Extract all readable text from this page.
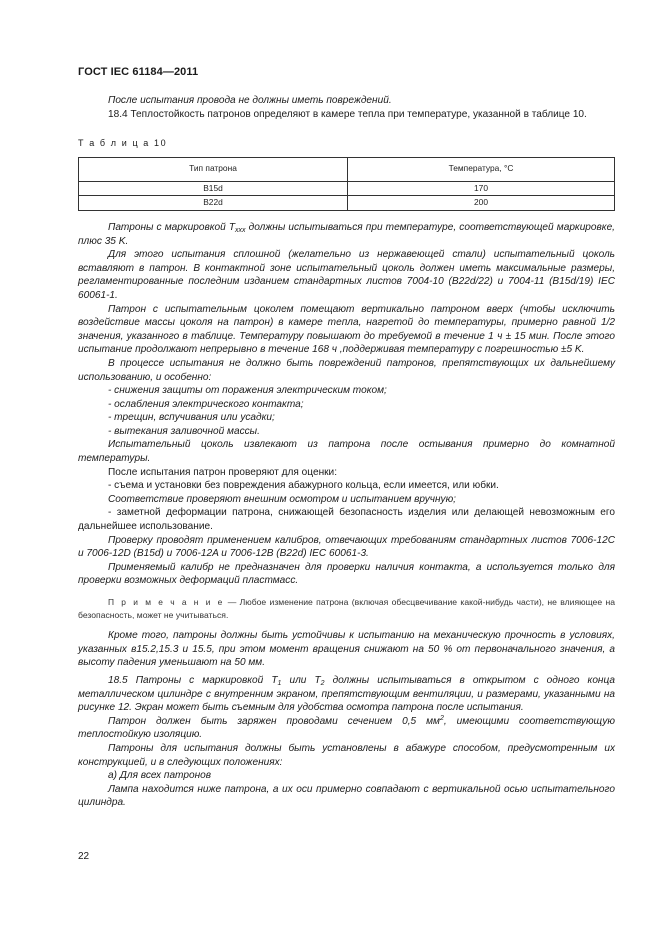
ГОСТ IEC 61184—2011

После испытания провода не должны иметь повреждений.

18.4 Теплостойкость патронов определяют в камере тепла при температуре, указанной в таблице 10.

Т а б л и ц а 10
Тип патрона	Температура, °C
B15d	170
B22d	200

Патроны с маркировкой $T_{xxx}$ должны испытываться при температуре, соответствующей маркировке, плюс 35 K.

Для этого испытания сплошной (желательно из нержавеющей стали) испытательный цоколь вставляют в патрон. В контактной зоне испытательный цоколь должен иметь максимальные размеры, регламентированные последним изданием стандартных листов 7004-10 (B22d/22) и 7004-11 (B15d/19) IEC 60061-1.

Патрон с испытательным цоколем помещают вертикально патроном вверх (чтобы исключить воздействие массы цоколя на патрон) в камере тепла, нагретой до температуры, примерно равной 1/2 значения, указанного в таблице. Температуру повышают до требуемой в течение 1 ч ± 15 мин. После этого испытание продолжают непрерывно в течение 168 ч ,поддерживая температуру с погрешностью ±5 K.

В процессе испытания не должно быть повреждений патронов, препятствующих их дальнейшему использованию, и особенно:

- снижения защиты от поражения электрическим током;

- ослабления электрического контакта;

- трещин, вспучивания или усадки;

- вытекания заливочной массы.

Испытательный цоколь извлекают из патрона после остывания примерно до комнатной температуры.

После испытания патрон проверяют для оценки:

- съема и установки без повреждения абажурного кольца, если имеется, или юбки.

Соответствие проверяют внешним осмотром и испытанием вручную;

- заметной деформации патрона, снижающей безопасность изделия или делающей невозможным его дальнейшее использование.

Проверку проводят применением калибров, отвечающих требованиям стандартных листов 7006-12C и 7006-12D (B15d) и 7006-12A и 7006-12B (B22d) IEC 60061-3.

Применяемый калибр не предназначен для проверки наличия контакта, а используется только для проверки возможных деформаций пластмасс.

П р и м е ч а н и е — Любое изменение патрона (включая обесцвечивание какой-нибудь части), не влияющее на безопасность, может не учитываться.

Кроме того, патроны должны быть устойчивы к испытанию на механическую прочность в условиях, указанных в15.2,15.3 и 15.5, при этом момент вращения снижают на 50 % от первоначального значения, а высоту падения уменьшают на 50 мм.

18.5 Патроны с маркировкой $T_1$ или $T_2$ должны испытываться в открытом с одного конца металлическом цилиндре с внутренним экраном, препятствующим вентиляции, и размерами, указанными на рисунке 12. Экран может быть съемным для удобства осмотра патрона после испытания.

Патрон должен быть заряжен проводами сечением 0,5 $мм^2$, имеющими соответствующую теплостойкую изоляцию.

Патроны для испытания должны быть установлены в абажуре способом, предусмотренным их конструкцией, и в следующих положениях:

а) Для всех патронов

Лампа находится ниже патрона, а их оси примерно совпадают с вертикальной осью испытательного цилиндра.

22
